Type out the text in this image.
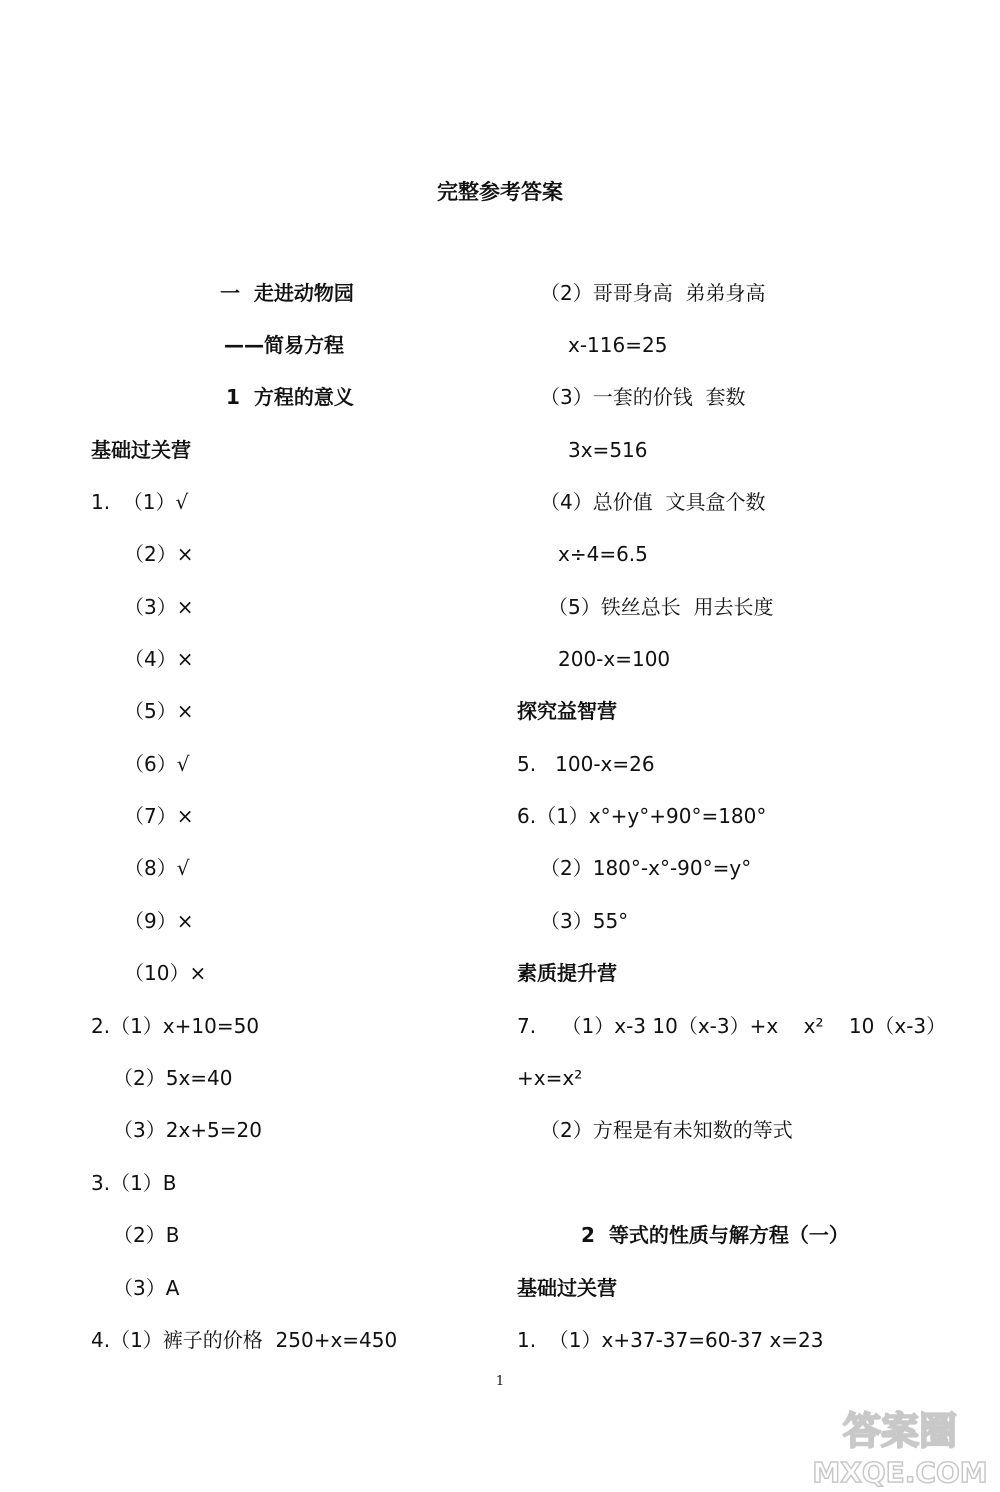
完整参考答案
一  走进动物园
——简易方程
1  方程的意义
基础过关营
1.  （1）√
（2）×
（3）×
（4）×
（5）×
（6）√
（7）×
（8）√
（9）×
（10）×
2.（1）x+10=50
（2）5x=40
（3）2x+5=20
3.（1）B
（2）B
（3）A
4.（1）裤子的价格  250+x=450
（2）哥哥身高  弟弟身高
x-116=25
（3）一套的价钱  套数
3x=516
（4）总价值  文具盒个数
x÷4=6.5
（5）铁丝总长  用去长度
200-x=100
探究益智营
5.   100-x=26
6.（1）x°+y°+90°=180°
（2）180°-x°-90°=y°
（3）55°
素质提升营
7.    （1）x-3 10（x-3）+x    x²    10（x-3）
+x=x²
（2）方程是有未知数的等式
2  等式的性质与解方程（一）
基础过关营
1.  （1）x+37-37=60-37 x=23
1
答案圈
MXQE.COM
